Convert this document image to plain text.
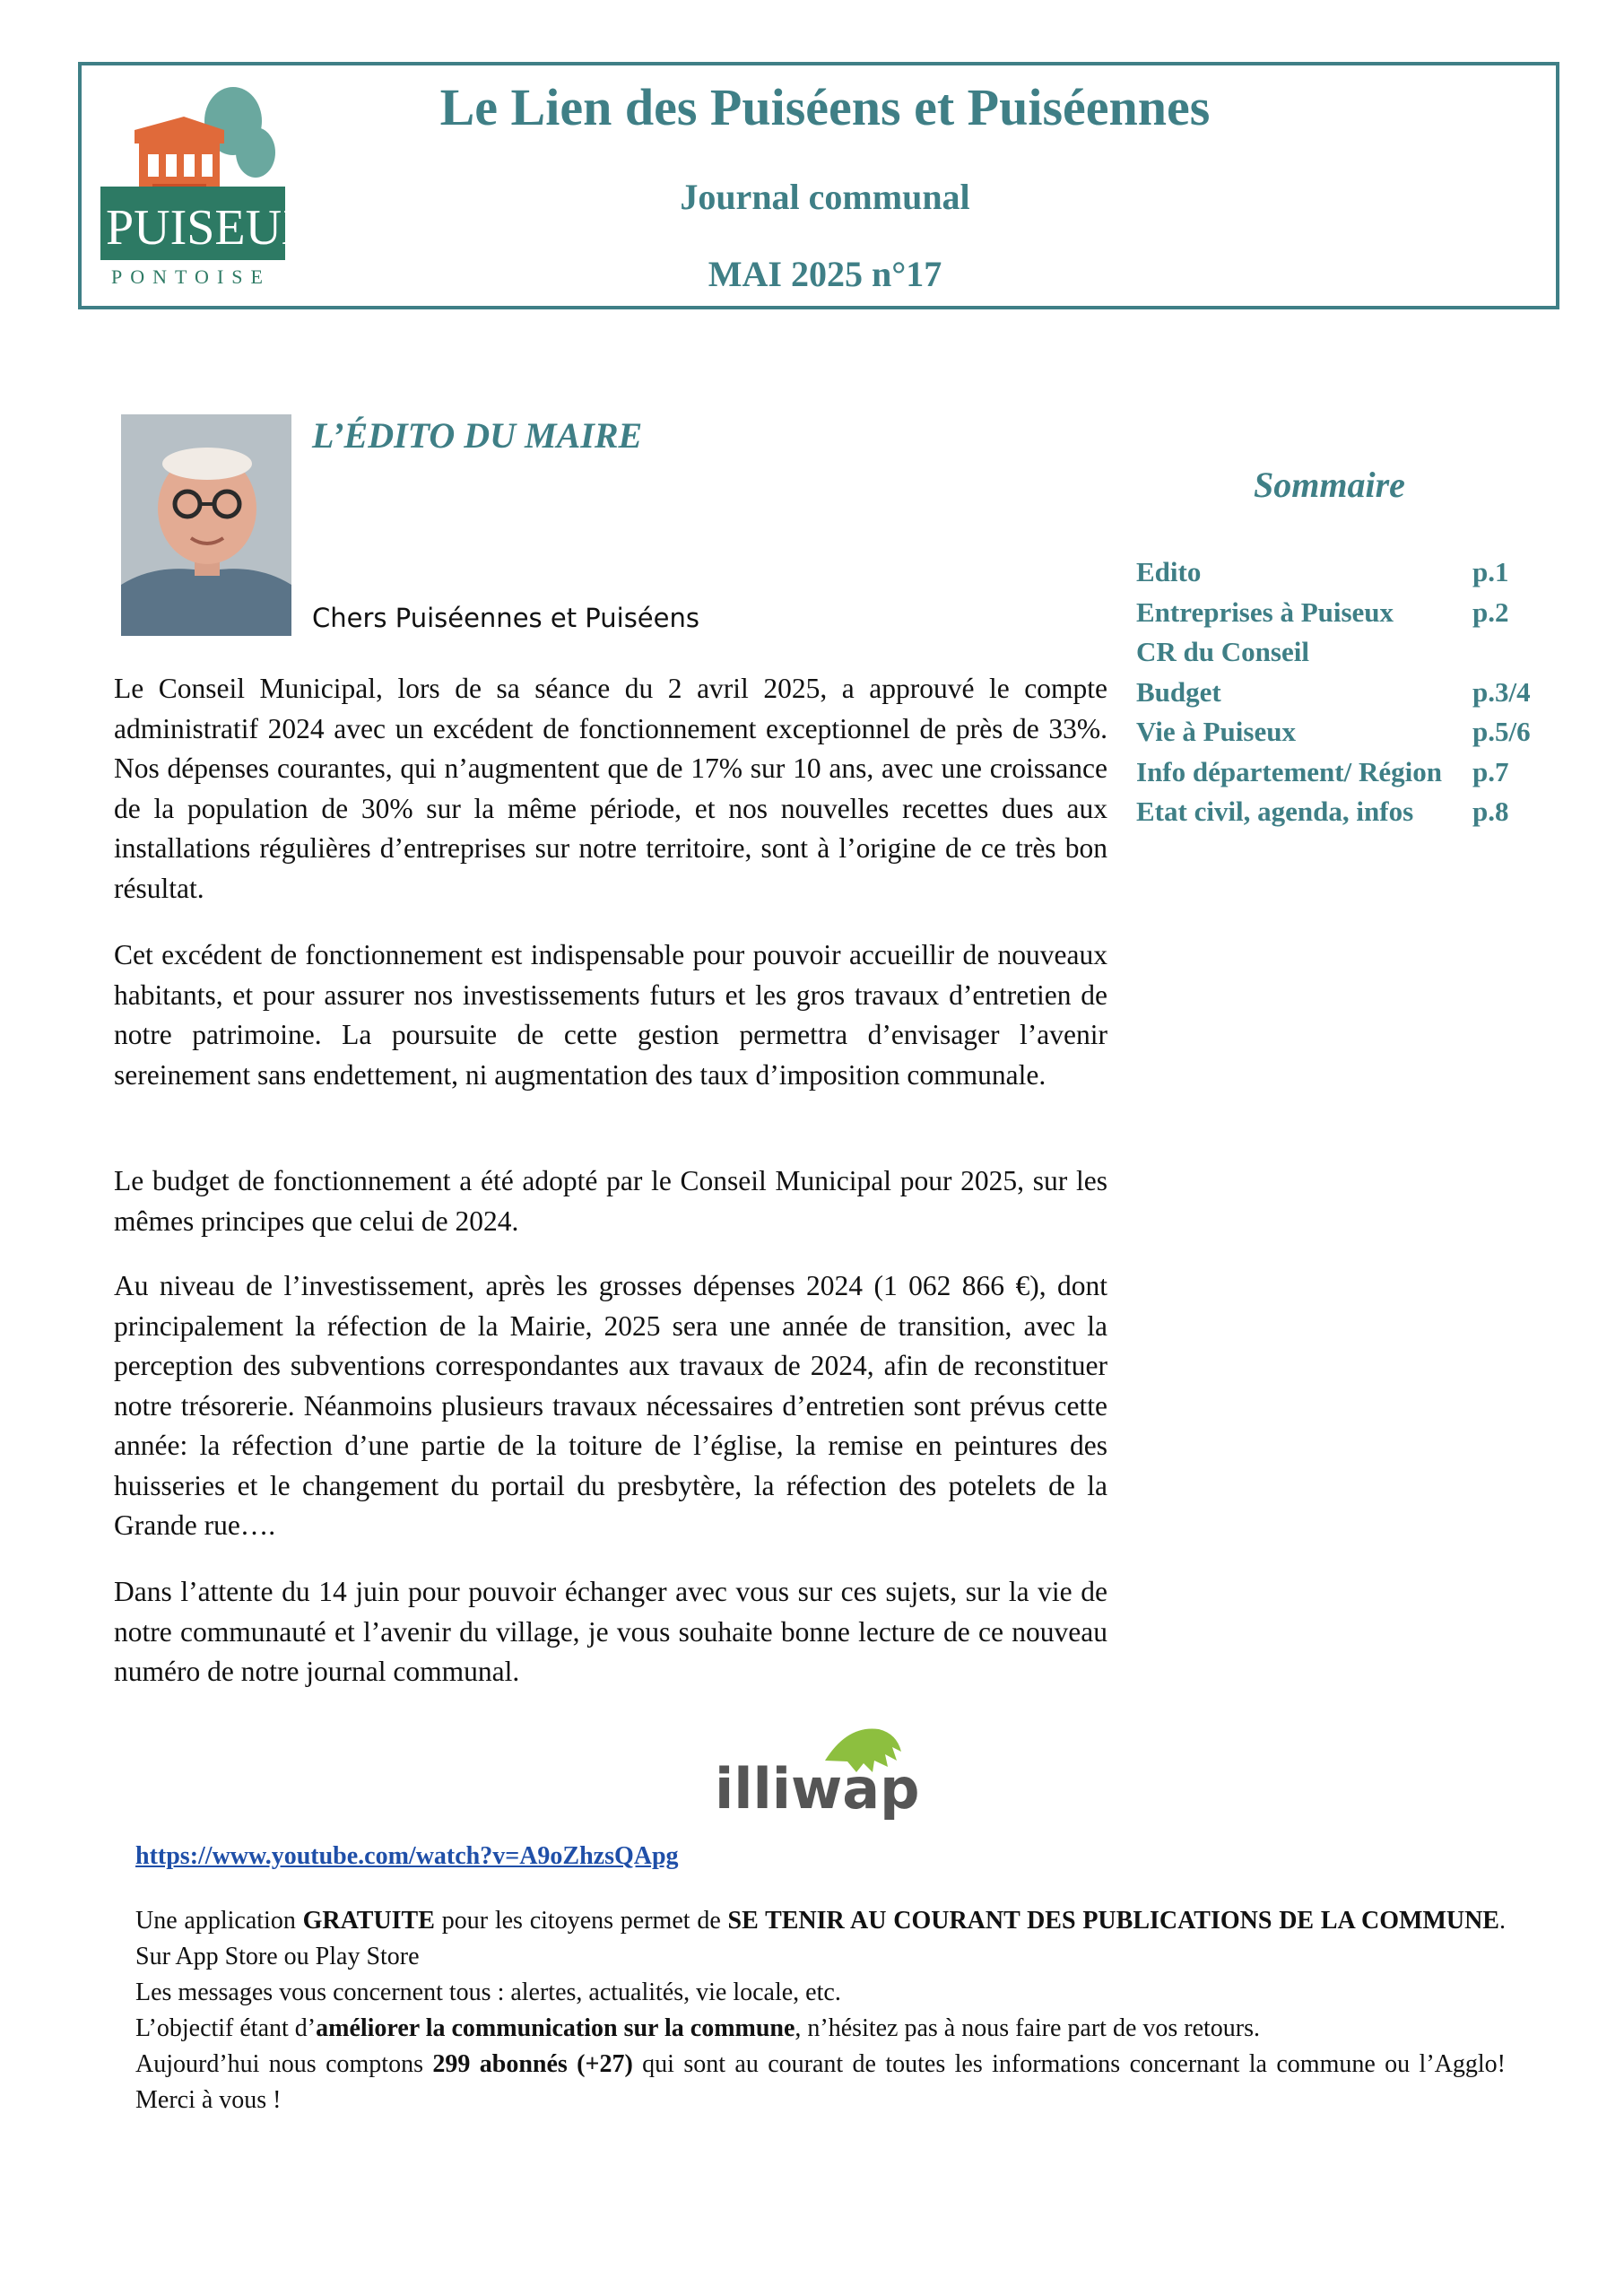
PUISEUX
PONTOISE
Le Lien des Puiséens et Puiséennes
Journal communal
MAI 2025 n°17
L’ÉDITO DU MAIRE
Chers Puiséennes et Puiséens

Le Conseil Municipal, lors de sa séance du 2 avril 2025, a approuvé le compte administratif 2024 avec un excédent de fonctionnement exceptionnel de près de 33%. Nos dépenses courantes, qui n’augmentent que de 17% sur 10 ans, avec une croissance de la population de 30% sur la même période, et nos nouvelles recettes dues aux installations régulières d’entreprises sur notre territoire, sont à l’origine de ce très bon résultat.

Cet excédent de fonctionnement est indispensable pour pouvoir accueillir de nouveaux habitants, et pour assurer nos investissements futurs et les gros travaux d’entretien de notre patrimoine. La poursuite de cette gestion permettra d’envisager l’avenir sereinement sans endettement, ni augmentation des taux d’imposition communale.

Le budget de fonctionnement a été adopté par le Conseil Municipal pour 2025, sur les mêmes principes que celui de 2024.

Au niveau de l’investissement, après les grosses dépenses 2024 (1 062 866 €), dont principalement la réfection de la Mairie, 2025 sera une année de transition, avec la perception des subventions correspondantes aux travaux de 2024, afin de reconstituer notre trésorerie. Néanmoins plusieurs travaux nécessaires d’entretien sont prévus cette année: la réfection d’une partie de la toiture de l’église, la remise en peintures des huisseries et le changement du portail du presbytère, la réfection des potelets de la Grande rue….

Dans l’attente du 14 juin pour pouvoir échanger avec vous sur ces sujets, sur la vie de notre communauté et l’avenir du village, je vous souhaite bonne lecture de ce nouveau numéro de notre journal communal.

Sommaire
Edito	p.1
Entreprises à Puiseux	p.2
CR du Conseil
Budget	p.3/4
Vie à Puiseux	p.5/6
Info département/ Région p.7
Etat civil, agenda, infos p.8
illiwap
https://www.youtube.com/watch?v=A9oZhzsQApg

Une application GRATUITE pour les citoyens permet de SE TENIR AU COURANT DES PUBLICATIONS DE LA COMMUNE. Sur App Store ou Play Store

Les messages vous concernent tous : alertes, actualités, vie locale, etc.

L’objectif étant d’améliorer la communication sur la commune, n’hésitez pas à nous faire part de vos retours.

Aujourd’hui nous comptons 299 abonnés (+27) qui sont au courant de toutes les informations concernant la commune ou l’Agglo! Merci à vous !
